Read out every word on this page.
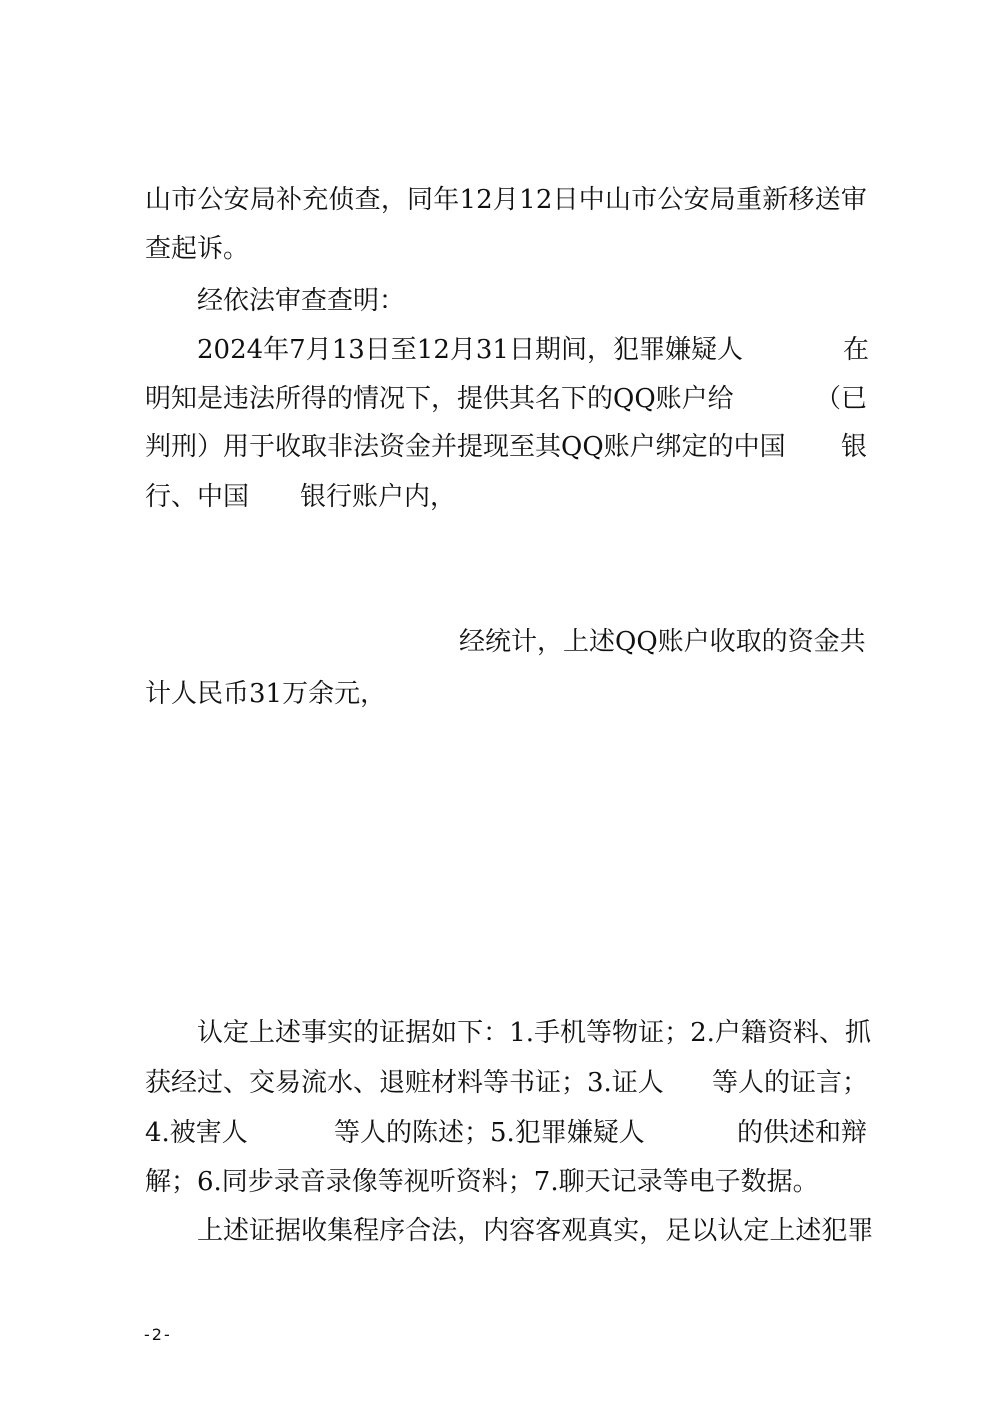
山 市 公 安 局 补 充 侦 查 ， 同 年 1 2 月 1 2 日 中 山 市 公 安 局 重 新 移 送 审
查起诉。
经依法审查查明：
2024年7月13日至12月31日期间，犯罪嫌疑人	在
明知是违法所得的情况下，提供其名下的QQ账户给	（已
判刑）用于收取非法资金并提现至其QQ账户绑定的中国 银
行、中国 银行账户内，
经统计，上述QQ账户收取的资金共
计人民币31万余元，
认 定 上 述 事 实 的 证 据 如 下 ： 1 . 手 机 等 物 证 ； 2 . 户 籍 资 料 、 抓
获经过、交易流水、退赃材料等书证；3.证人 等人的证言；
4.被害人	等人的陈述；5.犯罪嫌疑人	的供述和辩
解；6.同步录音录像等视听资料；7.聊天记录等电子数据。
上 述 证 据 收 集 程 序 合 法 ， 内 容 客 观 真 实 ， 足 以 认 定 上 述 犯 罪
-2-
